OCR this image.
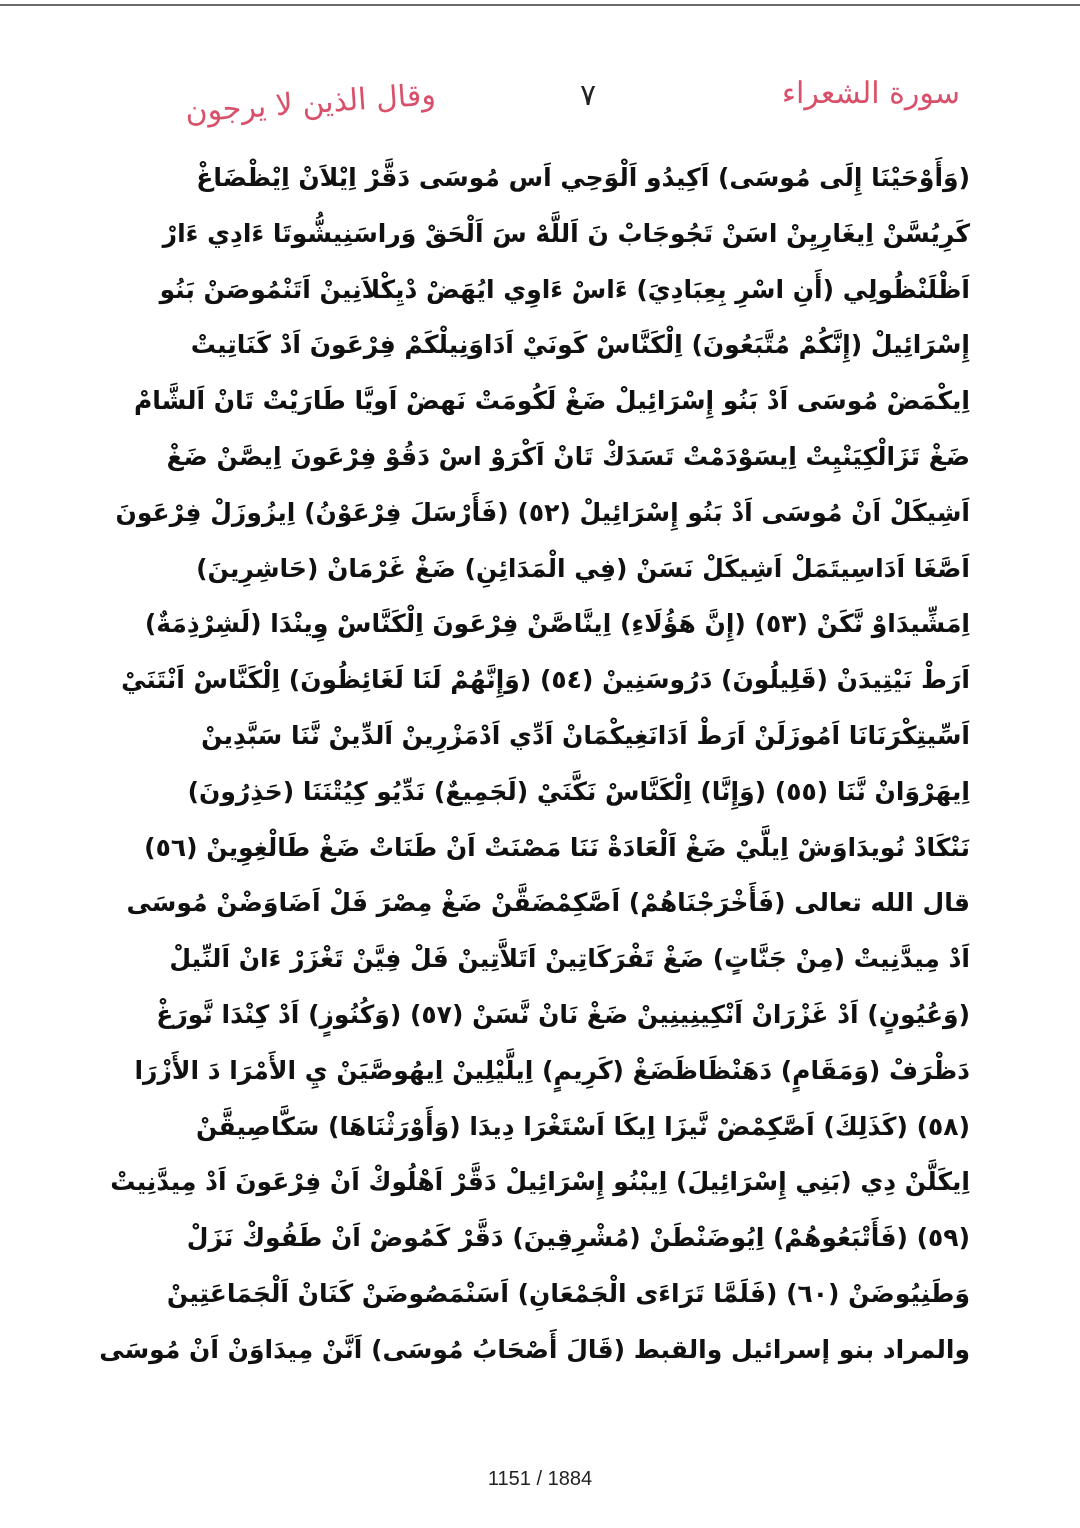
سورة الشعراء
٧
وقال الذين لا يرجون
(وَأَوْحَيْنَا إِلَى مُوسَى) اَكِيدُو اَلْوَحِي اَس مُوسَى دَقَّرْ اِيْلاَنْ اِيْظْضَاغْ
كَرِيُسَّنْ اِيغَارِيِنْ اسَنْ تَجُوجَابْ نَ اَللَّهْ سَ اَلْحَقْ وَراسَنِيشُّوتَا ءَادِي ءَارْ
اَظْلَنْظُولِي (أَنِ اسْرِ بِعِبَادِيَ) ءَاسْ ءَاوِي ايُهَضْ دْيِكْلاَنِينْ اَتَنْمُوصَنْ بَنُو
إِسْرَائِيلْ (إِنَّكُمْ مُتَّبَعُونَ) اِلْكَنَّاسْ كَونَيْ اَدَاوَنِيلْكَمْ فِرْعَونَ اَدْ كَنَاتِيتْ
اِيكْمَضْ مُوسَى اَدْ بَنُو إِسْرَائِيلْ ضَغْ لَكُومَتْ نَهضْ اَويَّا طَارَيْتْ تَانْ اَلشَّامْ
ضَغْ تَزَالْكِيَنْيِتْ اِيسَوْدَمْتْ تَسَدَكْ تَانْ اَكْرَوْ اسْ دَقُوْ فِرْعَونَ اِيصَّنْ ضَغْ
اَشِيكَلْ اَنْ مُوسَى اَدْ بَنُو إِسْرَائِيلْ (٥٢) (فَأَرْسَلَ فِرْعَوْنُ) اِيزُوزَلْ فِرْعَونَ
اَصَّغَا اَدَاسِيتَمَلْ اَشِيكَلْ نَسَنْ (فِي الْمَدَائِنِ) ضَغْ غَرْمَانْ (حَاشِرِينَ)
اِمَشِّيدَاوْ نَّكَنْ (٥٣) (إِنَّ هَؤُلَاءِ) اِينَّاصَّنْ فِرْعَونَ اِلْكَنَّاسْ وِينْدَا (لَشِرْذِمَةٌ)
اَرَطْ نَيْتِيدَنْ (قَلِيلُونَ) دَرُوسَنِينْ (٥٤) (وَإِنَّهُمْ لَنَا لَغَائِظُونَ) اِلْكَنَّاسْ اَنْتَنَيْ
اَسِّيتِكْرَنَانَا اَمُوزَلَنْ اَرَطْ اَدَانَغِيكْمَانْ اَدِّي اَدْمَزْرِينْ اَلدِّينْ نَّنَا سَبَّدِينْ
اِيهَرْوَانْ نَّنَا (٥٥) (وَإِنَّا) اِلْكَنَّاسْ نَكَّنَيْ (لَجَمِيعٌ) نَدِّيُو كِيُتْنَنَا (حَذِرُونَ)
نَنْكَادْ نُويدَاوَشْ اِيلَّيْ ضَغْ اَلْعَادَةْ نَنَا مَصْنَتْ اَنْ طَنَاتْ ضَغْ طَالْغِوِينْ (٥٦)
قال الله تعالى (فَأَخْرَجْنَاهُمْ) اَصَّكِمْضَقَّنْ ضَغْ مِصْرَ فَلْ اَضَاوَضْنْ مُوسَى
اَدْ مِيدَّنِيتْ (مِنْ جَنَّاتٍ) ضَغْ تَفْرَكَاتِينْ اَتَلاَّتِينْ فَلْ فِيَّنْ تَغْزَرْ ءَانْ اَلنِّيلْ
(وَعُيُونٍ) اَدْ غَزْرَانْ اَنْكِينِينِينْ ضَغْ نَانْ نَّسَنْ (٥٧) (وَكُنُوزٍ) اَدْ كِنْدَا نَّورَغْ
دَظْرَفْ (وَمَقَامٍ) دَهَنْظَاظَضَغْ (كَرِيمٍ) اِيلَّيْلِينْ اِيهُوصَّيَنْ يِ الأَمْرَا دَ الأَزْرَا
(٥٨) (كَذَلِكَ) اَصَّكِمْضْ نَّيزَا اِيكَا اَسْتَغْرَا دِيدَا (وَأَوْرَثْنَاهَا) سَكَّاصِيقَّنْ
اِيكَلَّنْ دِي (بَنِي إِسْرَائِيلَ) اِيبْنُو إِسْرَائِيلْ دَقَّرْ اَهْلُوكْ اَنْ فِرْعَونَ اَدْ مِيدَّنِيتْ
(٥٩) (فَأَتْبَعُوهُمْ) اِيُوضَنْطَنْ (مُشْرِقِينَ) دَقَّرْ كَمُوضْ اَنْ طَفُوكْ نَزَلْ
وَطَنِيُوضَنْ (٦٠) (فَلَمَّا تَرَاءَى الْجَمْعَانِ) اَسَنْمَصُوضَنْ كَنَانْ اَلْجَمَاعَتِينْ
والمراد بنو إسرائيل والقبط (قَالَ أَصْحَابُ مُوسَى) اَنَّنْ مِيدَاوَنْ اَنْ مُوسَى
1151 / 1884
